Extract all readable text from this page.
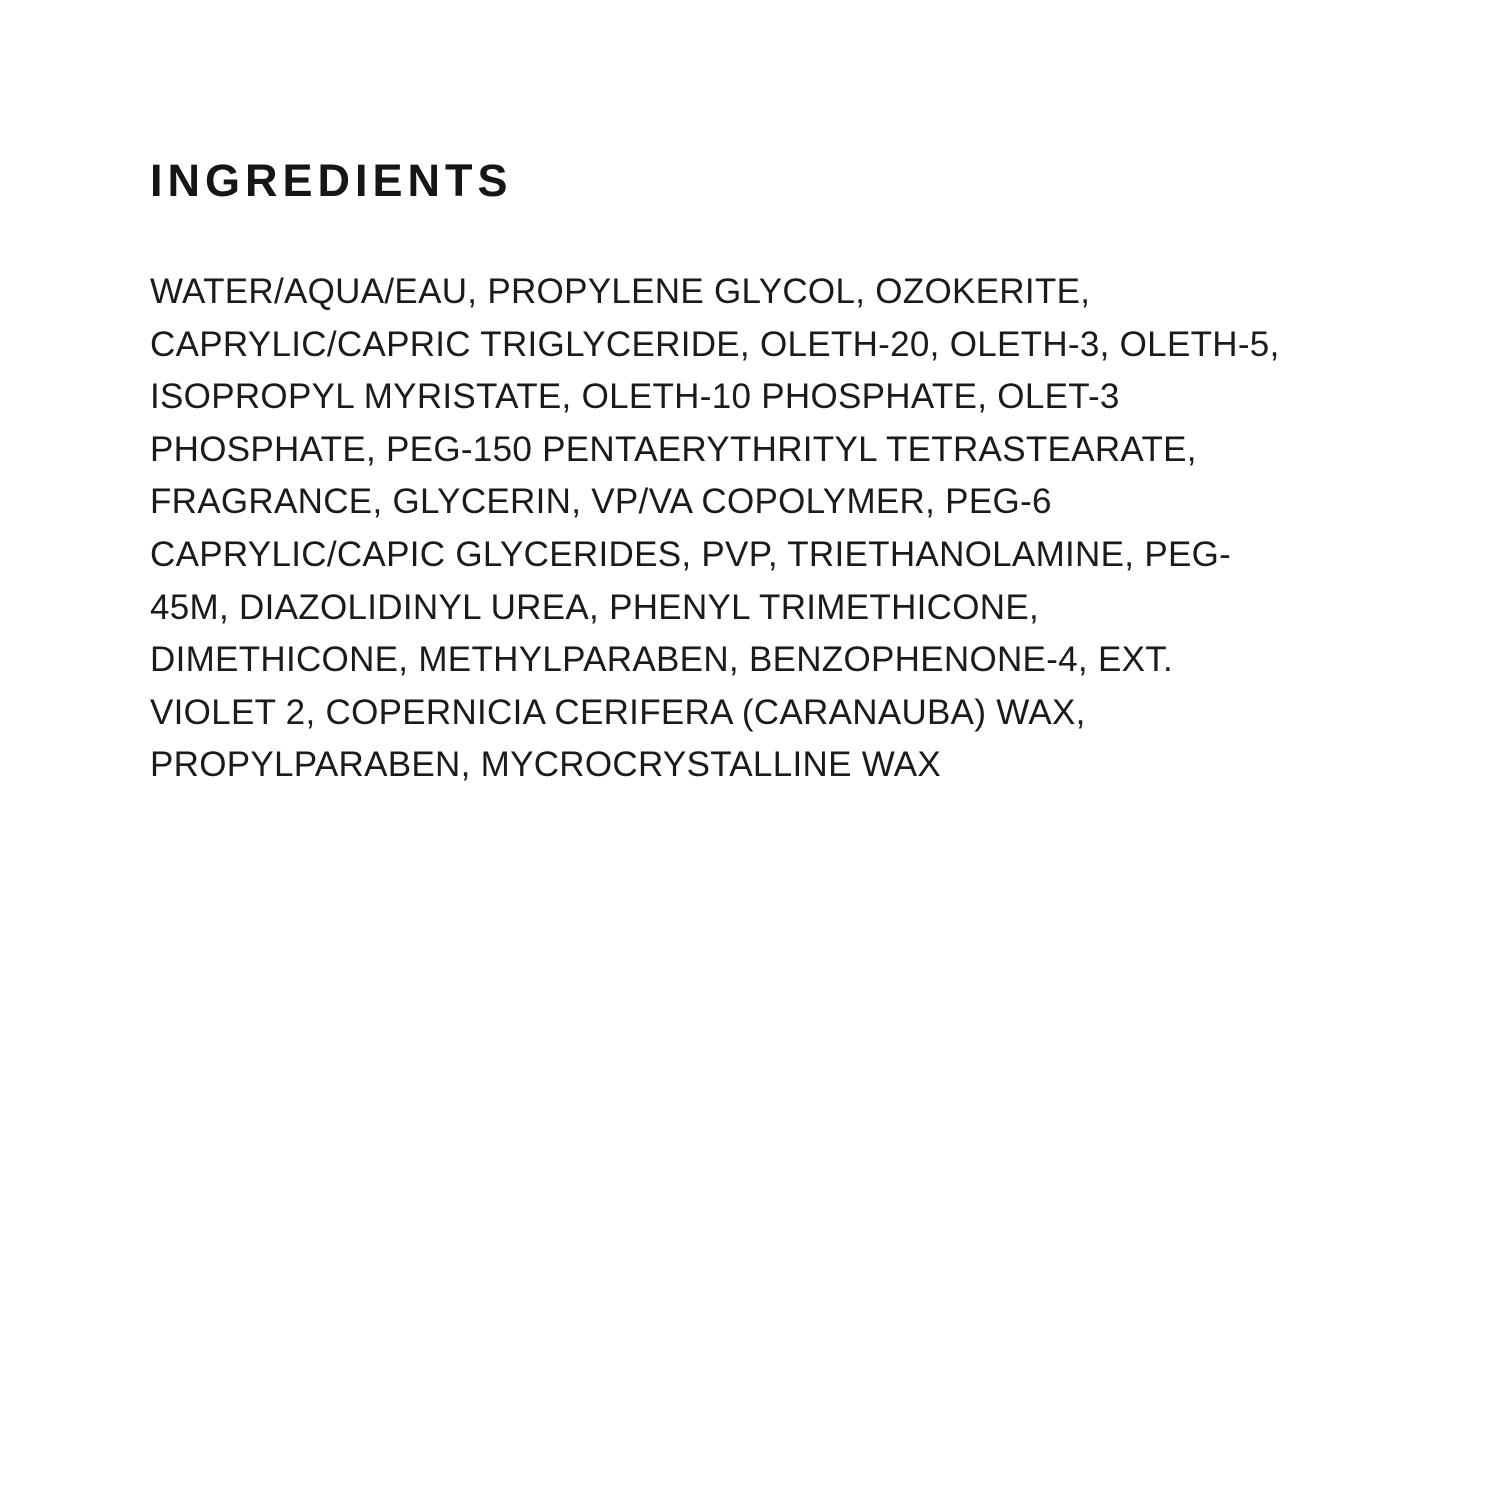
INGREDIENTS
WATER/AQUA/EAU, PROPYLENE GLYCOL, OZOKERITE,
CAPRYLIC/CAPRIC TRIGLYCERIDE, OLETH-20, OLETH-3, OLETH-5,
ISOPROPYL MYRISTATE, OLETH-10 PHOSPHATE, OLET-3
PHOSPHATE, PEG-150 PENTAERYTHRITYL TETRASTEARATE,
FRAGRANCE, GLYCERIN, VP/VA COPOLYMER, PEG-6
CAPRYLIC/CAPIC GLYCERIDES, PVP, TRIETHANOLAMINE, PEG-
45M, DIAZOLIDINYL UREA, PHENYL TRIMETHICONE,
DIMETHICONE, METHYLPARABEN, BENZOPHENONE-4, EXT.
VIOLET 2, COPERNICIA CERIFERA (CARANAUBA) WAX,
PROPYLPARABEN, MYCROCRYSTALLINE WAX
